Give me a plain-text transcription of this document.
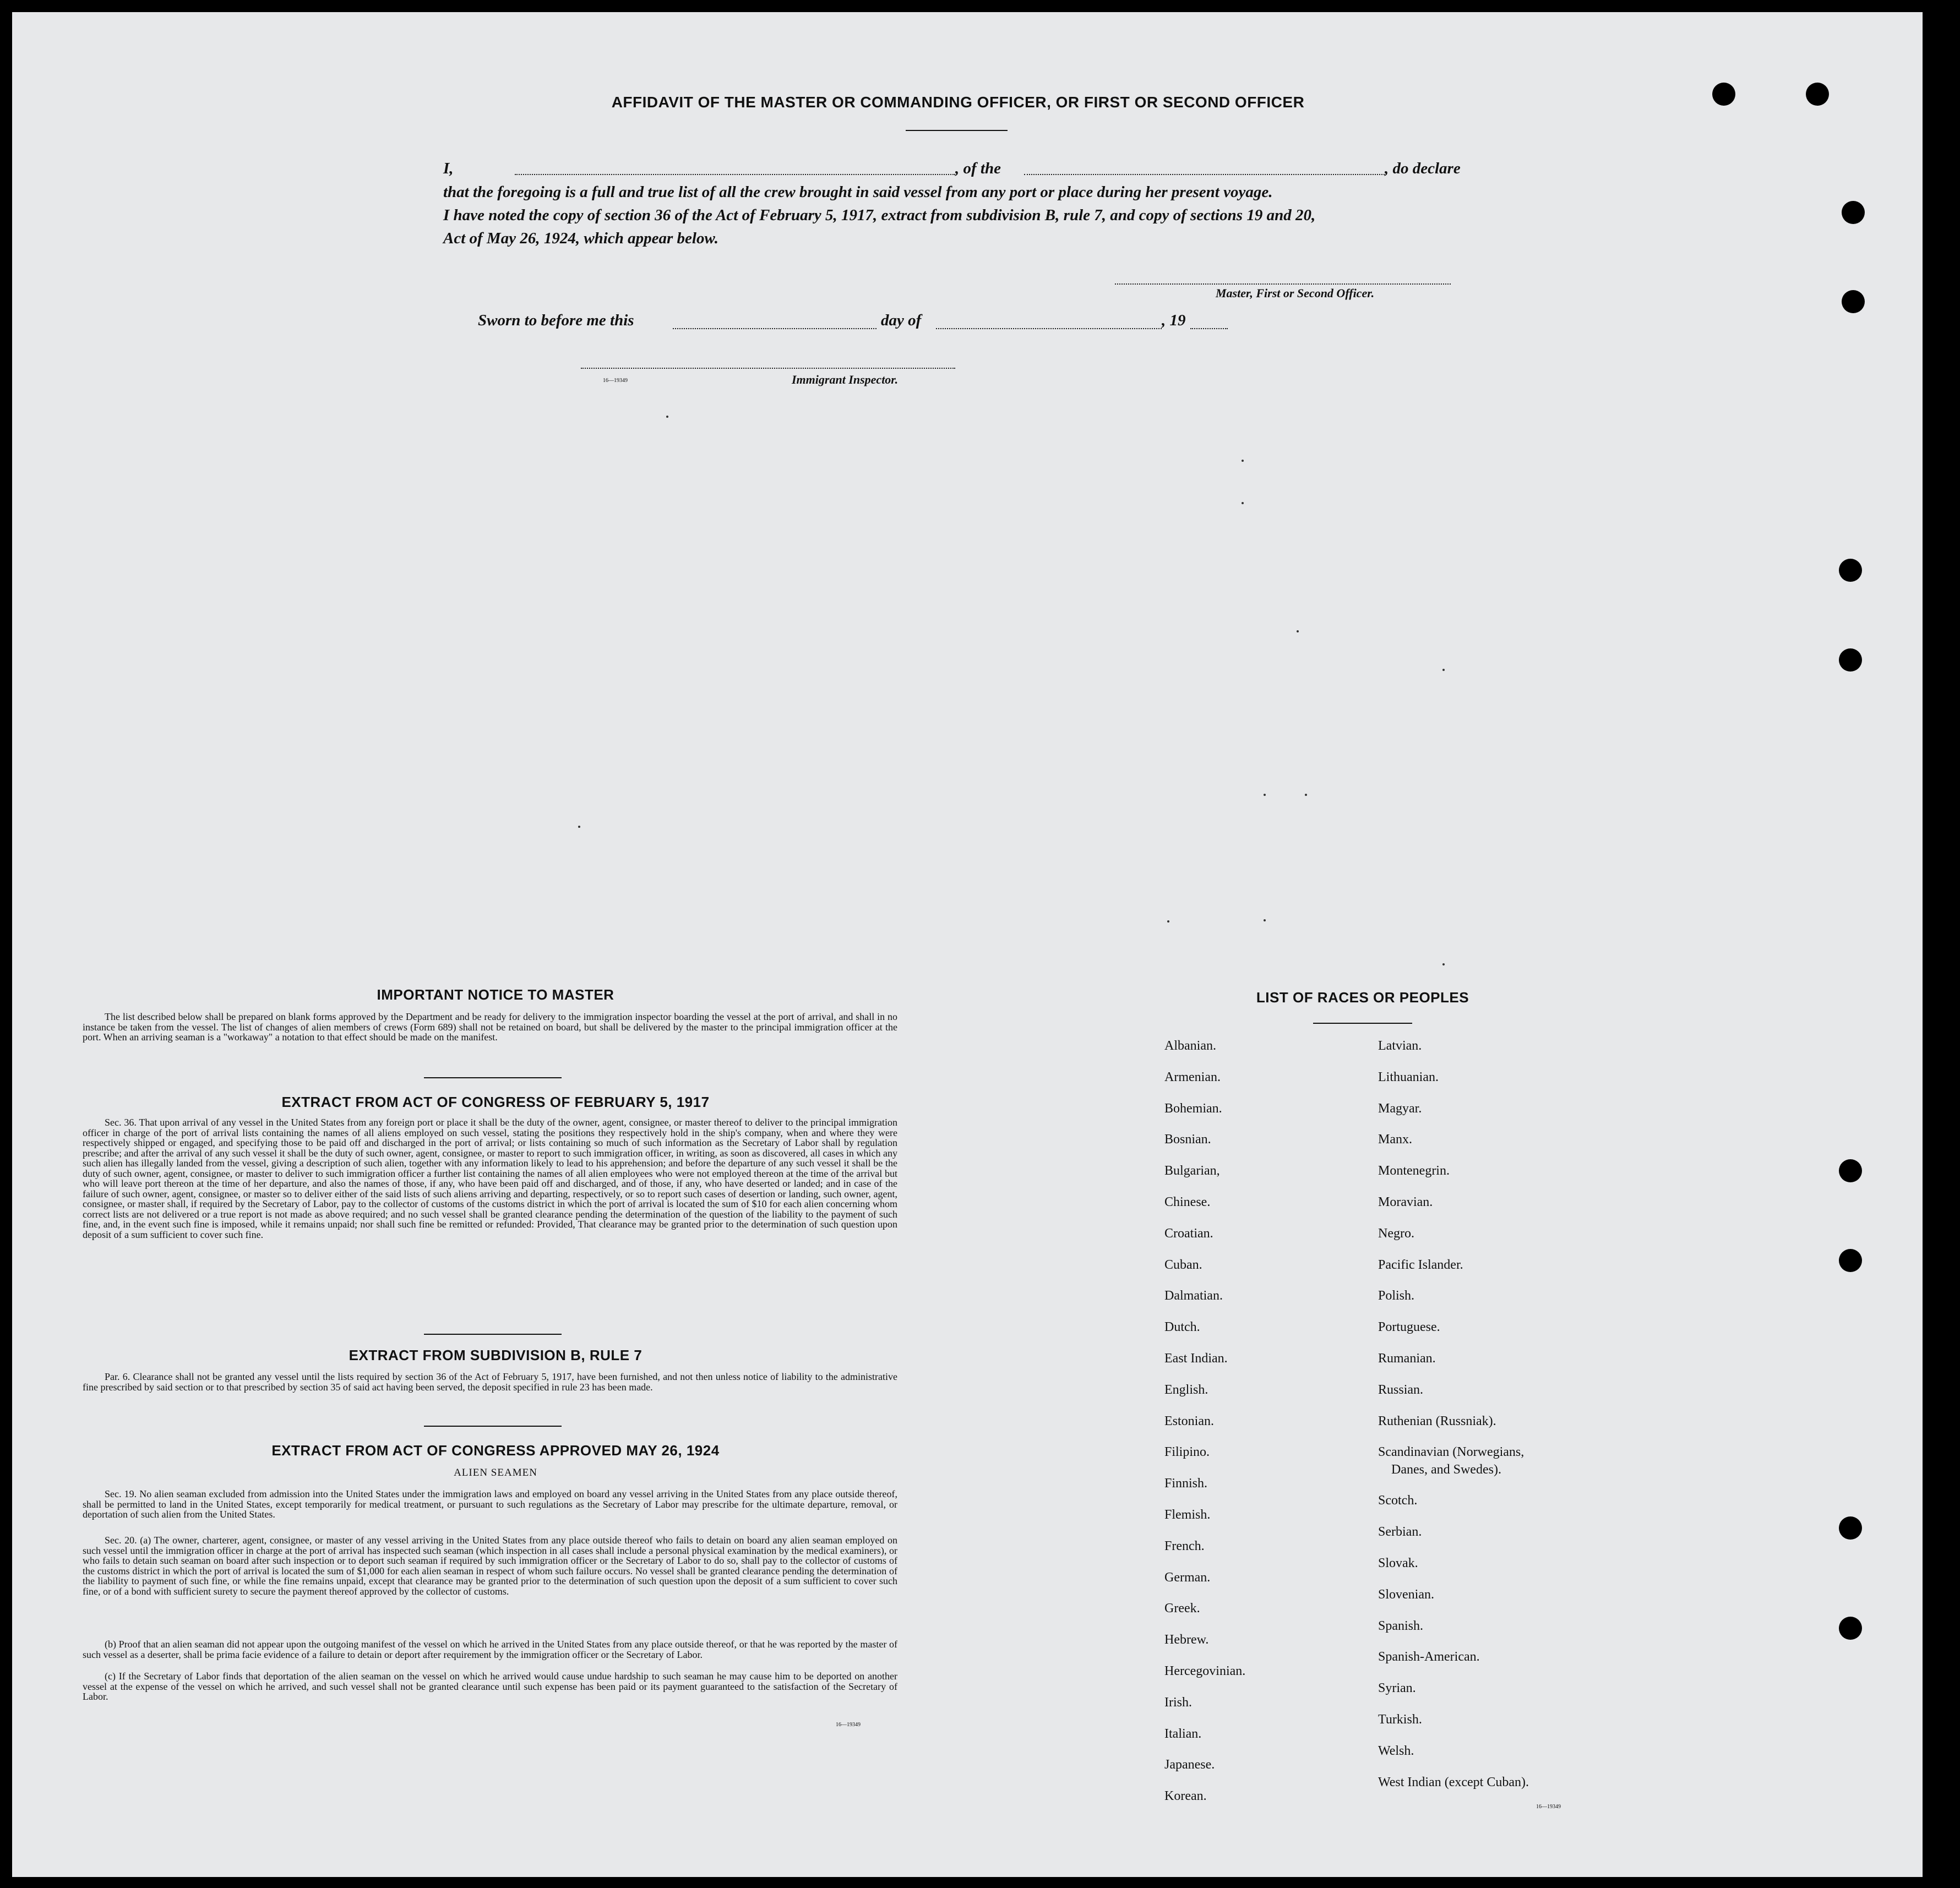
AFFIDAVIT OF THE MASTER OR COMMANDING OFFICER, OR FIRST OR SECOND OFFICER
I,	, of the	, do declare
that the foregoing is a full and true list of all the crew brought in said vessel from any port or place during her present voyage.
I have noted the copy of section 36 of the Act of February 5, 1917, extract from subdivision B, rule 7, and copy of sections 19 and 20,
Act of May 26, 1924, which appear below.
Master, First or Second Officer.
Sworn to before me this	day of	, 19
16—19349	Immigrant Inspector.
IMPORTANT NOTICE TO MASTER
The list described below shall be prepared on blank forms approved by the Department and be ready for delivery to the immigration inspector boarding the vessel at the port of arrival, and shall in no instance be taken from the vessel. The list of changes of alien members of crews (Form 689) shall not be retained on board, but shall be delivered by the master to the principal immigration officer at the port. When an arriving seaman is a "workaway" a notation to that effect should be made on the manifest.
EXTRACT FROM ACT OF CONGRESS OF FEBRUARY 5, 1917
Sec. 36. That upon arrival of any vessel in the United States from any foreign port or place it shall be the duty of the owner, agent, consignee, or master thereof to deliver to the principal immigration officer in charge of the port of arrival lists containing the names of all aliens employed on such vessel, stating the positions they respectively hold in the ship's company, when and where they were respectively shipped or engaged, and specifying those to be paid off and discharged in the port of arrival; or lists containing so much of such information as the Secretary of Labor shall by regulation prescribe; and after the arrival of any such vessel it shall be the duty of such owner, agent, consignee, or master to report to such immigration officer, in writing, as soon as discovered, all cases in which any such alien has illegally landed from the vessel, giving a description of such alien, together with any information likely to lead to his apprehension; and before the departure of any such vessel it shall be the duty of such owner, agent, consignee, or master to deliver to such immigration officer a further list containing the names of all alien employees who were not employed thereon at the time of the arrival but who will leave port thereon at the time of her departure, and also the names of those, if any, who have been paid off and discharged, and of those, if any, who have deserted or landed; and in case of the failure of such owner, agent, consignee, or master so to deliver either of the said lists of such aliens arriving and departing, respectively, or so to report such cases of desertion or landing, such owner, agent, consignee, or master shall, if required by the Secretary of Labor, pay to the collector of customs of the customs district in which the port of arrival is located the sum of $10 for each alien concerning whom correct lists are not delivered or a true report is not made as above required; and no such vessel shall be granted clearance pending the determination of the question of the liability to the payment of such fine, and, in the event such fine is imposed, while it remains unpaid; nor shall such fine be remitted or refunded: Provided, That clearance may be granted prior to the determination of such question upon deposit of a sum sufficient to cover such fine.
EXTRACT FROM SUBDIVISION B, RULE 7
Par. 6. Clearance shall not be granted any vessel until the lists required by section 36 of the Act of February 5, 1917, have been furnished, and not then unless notice of liability to the administrative fine prescribed by said section or to that prescribed by section 35 of said act having been served, the deposit specified in rule 23 has been made.
EXTRACT FROM ACT OF CONGRESS APPROVED MAY 26, 1924
ALIEN SEAMEN
Sec. 19. No alien seaman excluded from admission into the United States under the immigration laws and employed on board any vessel arriving in the United States from any place outside thereof, shall be permitted to land in the United States, except temporarily for medical treatment, or pursuant to such regulations as the Secretary of Labor may prescribe for the ultimate departure, removal, or deportation of such alien from the United States.
Sec. 20. (a) The owner, charterer, agent, consignee, or master of any vessel arriving in the United States from any place outside thereof who fails to detain on board any alien seaman employed on such vessel until the immigration officer in charge at the port of arrival has inspected such seaman (which inspection in all cases shall include a personal physical examination by the medical examiners), or who fails to detain such seaman on board after such inspection or to deport such seaman if required by such immigration officer or the Secretary of Labor to do so, shall pay to the collector of customs of the customs district in which the port of arrival is located the sum of $1,000 for each alien seaman in respect of whom such failure occurs. No vessel shall be granted clearance pending the determination of the liability to payment of such fine, or while the fine remains unpaid, except that clearance may be granted prior to the determination of such question upon the deposit of a sum sufficient to cover such fine, or of a bond with sufficient surety to secure the payment thereof approved by the collector of customs.
(b) Proof that an alien seaman did not appear upon the outgoing manifest of the vessel on which he arrived in the United States from any place outside thereof, or that he was reported by the master of such vessel as a deserter, shall be prima facie evidence of a failure to detain or deport after requirement by the immigration officer or the Secretary of Labor.
(c) If the Secretary of Labor finds that deportation of the alien seaman on the vessel on which he arrived would cause undue hardship to such seaman he may cause him to be deported on another vessel at the expense of the vessel on which he arrived, and such vessel shall not be granted clearance until such expense has been paid or its payment guaranteed to the satisfaction of the Secretary of Labor.
16—19349
LIST OF RACES OR PEOPLES
Albanian.
Armenian.
Bohemian.
Bosnian.
Bulgarian,
Chinese.
Croatian.
Cuban.
Dalmatian.
Dutch.
East Indian.
English.
Estonian.
Filipino.
Finnish.
Flemish.
French.
German.
Greek.
Hebrew.
Hercegovinian.
Irish.
Italian.
Japanese.
Korean.
Latvian.
Lithuanian.
Magyar.
Manx.
Montenegrin.
Moravian.
Negro.
Pacific Islander.
Polish.
Portuguese.
Rumanian.
Russian.
Ruthenian (Russniak).
Scandinavian (Norwegians,
Danes, and Swedes).
Scotch.
Serbian.
Slovak.
Slovenian.
Spanish.
Spanish-American.
Syrian.
Turkish.
Welsh.
West Indian (except Cuban).
16—19349
